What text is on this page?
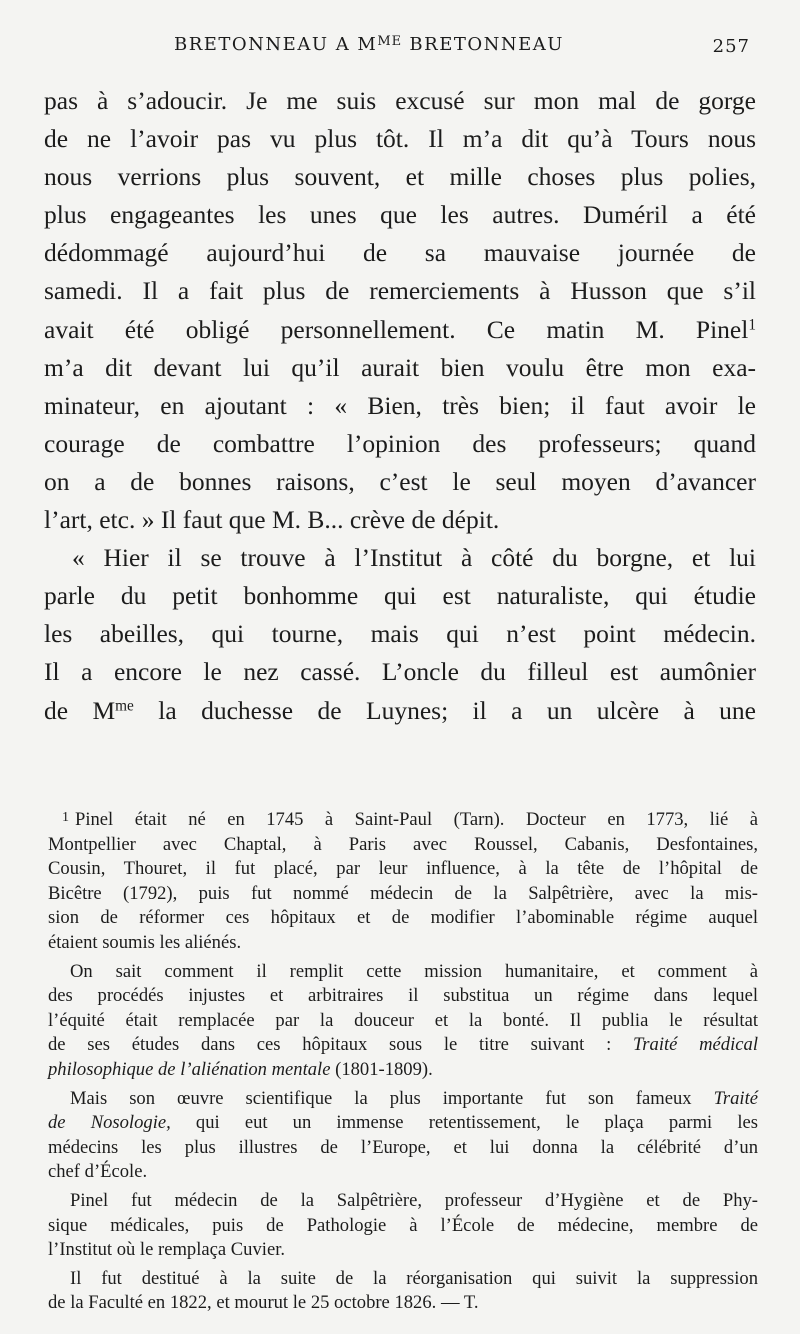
BRETONNEAU A $M^{ME}$ BRETONNEAU	257
pas à s’adoucir. Je me suis excusé sur mon mal de gorge
de ne l’avoir pas vu plus tôt. Il m’a dit qu’à Tours nous
nous verrions plus souvent, et mille choses plus polies,
plus engageantes les unes que les autres. Duméril a été
dédommagé aujourd’hui de sa mauvaise journée de
samedi. Il a fait plus de remerciements à Husson que s’il
avait été obligé personnellement. Ce matin M. Pinel$^1$
m’a dit devant lui qu’il aurait bien voulu être mon exa-
minateur, en ajoutant : « Bien, très bien; il faut avoir le
courage de combattre l’opinion des professeurs; quand
on a de bonnes raisons, c’est le seul moyen d’avancer
l’art, etc. » Il faut que M. B... crève de dépit.
« Hier il se trouve à l’Institut à côté du borgne, et lui
parle du petit bonhomme qui est naturaliste, qui étudie
les abeilles, qui tourne, mais qui n’est point médecin.
Il a encore le nez cassé. L’oncle du filleul est aumônier
de $M^{me}$ la duchesse de Luynes; il a un ulcère à une
$^1$ Pinel était né en 1745 à Saint-Paul (Tarn). Docteur en 1773, lié à
Montpellier avec Chaptal, à Paris avec Roussel, Cabanis, Desfontaines,
Cousin, Thouret, il fut placé, par leur influence, à la tête de l’hôpital de
Bicêtre (1792), puis fut nommé médecin de la Salpêtrière, avec la mis-
sion de réformer ces hôpitaux et de modifier l’abominable régime auquel
étaient soumis les aliénés.
On sait comment il remplit cette mission humanitaire, et comment à
des procédés injustes et arbitraires il substitua un régime dans lequel
l’équité était remplacée par la douceur et la bonté. Il publia le résultat
de ses études dans ces hôpitaux sous le titre suivant : Traité médical
philosophique de l’aliénation mentale (1801-1809).
Mais son œuvre scientifique la plus importante fut son fameux Traité
de Nosologie, qui eut un immense retentissement, le plaça parmi les
médecins les plus illustres de l’Europe, et lui donna la célébrité d’un
chef d’École.
Pinel fut médecin de la Salpêtrière, professeur d’Hygiène et de Phy-
sique médicales, puis de Pathologie à l’École de médecine, membre de
l’Institut où le remplaça Cuvier.
Il fut destitué à la suite de la réorganisation qui suivit la suppression
de la Faculté en 1822, et mourut le 25 octobre 1826. — T.
